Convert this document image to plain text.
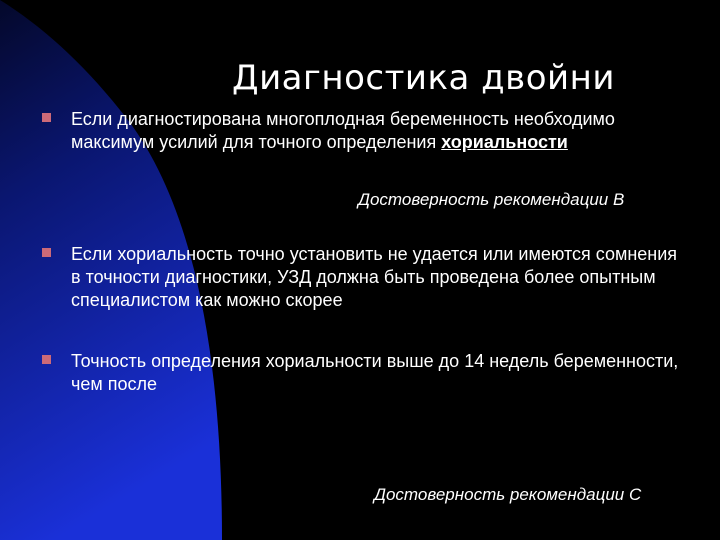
Диагностика двойни
Если диагностирована многоплодная беременность необходимо максимум усилий для точного определения хориальности
Достоверность рекомендации B
Если хориальность точно установить не удается или имеются сомнения в точности диагностики, УЗД должна быть проведена более опытным специалистом как можно скорее
Точность определения хориальности выше до 14 недель беременности, чем после
Достоверность рекомендации C
